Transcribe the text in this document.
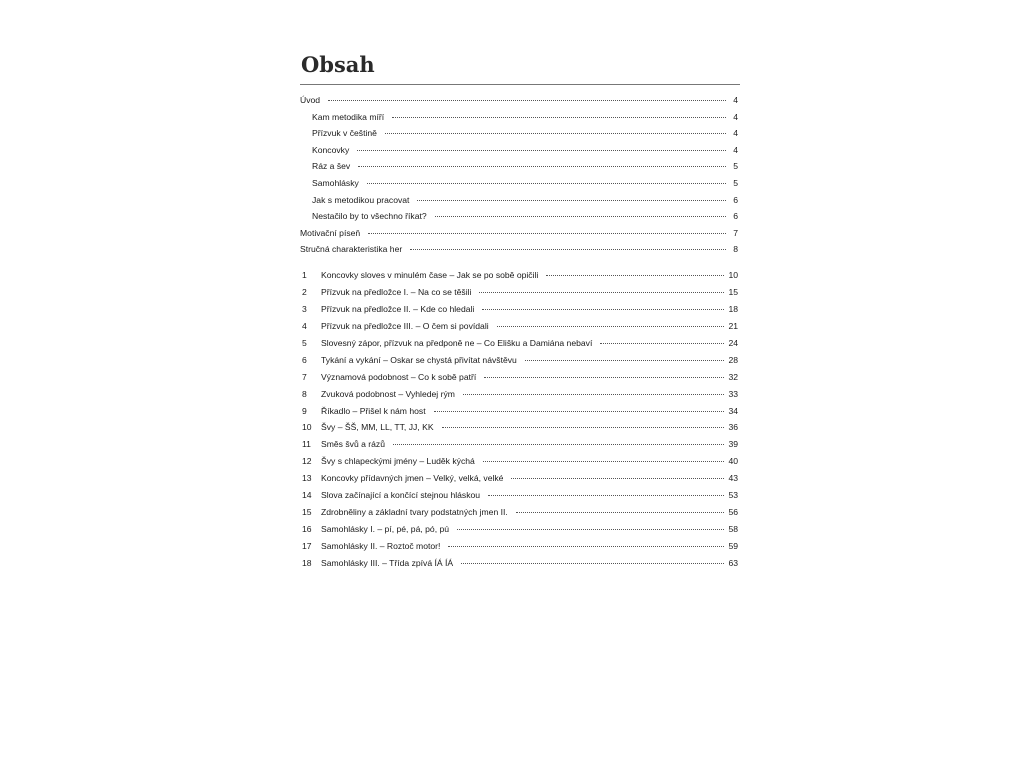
Obsah
Úvod	4
Kam metodika míří	4
Přízvuk v češtině	4
Koncovky	4
Ráz a šev	5
Samohlásky	5
Jak s metodikou pracovat	6
Nestačilo by to všechno říkat?	6
Motivační píseň	7
Stručná charakteristika her	8
1	Koncovky sloves v minulém čase – Jak se po sobě opičili	10
2	Přízvuk na předložce I. – Na co se těšili	15
3	Přízvuk na předložce II. – Kde co hledali	18
4	Přízvuk na předložce III. – O čem si povídali	21
5	Slovesný zápor, přízvuk na předponě ne – Co Elišku a Damiána nebaví	24
6	Tykání a vykání – Oskar se chystá přivítat návštěvu	28
7	Významová podobnost – Co k sobě patří	32
8	Zvuková podobnost – Vyhledej rým	33
9	Říkadlo – Přišel k nám host	34
10	Švy – ŠŠ, MM, LL, TT, JJ, KK	36
11	Směs švů a rázů	39
12	Švy s chlapeckými jmény – Luděk kýchá	40
13	Koncovky přídavných jmen – Velký, velká, velké	43
14	Slova začínající a končící stejnou hláskou	53
15	Zdrobněliny a základní tvary podstatných jmen II.	56
16	Samohlásky I. – pí, pé, pá, pó, pú	58
17	Samohlásky II. – Roztoč motor!	59
18	Samohlásky III. – Třída zpívá ÍÁ ÍÁ	63
